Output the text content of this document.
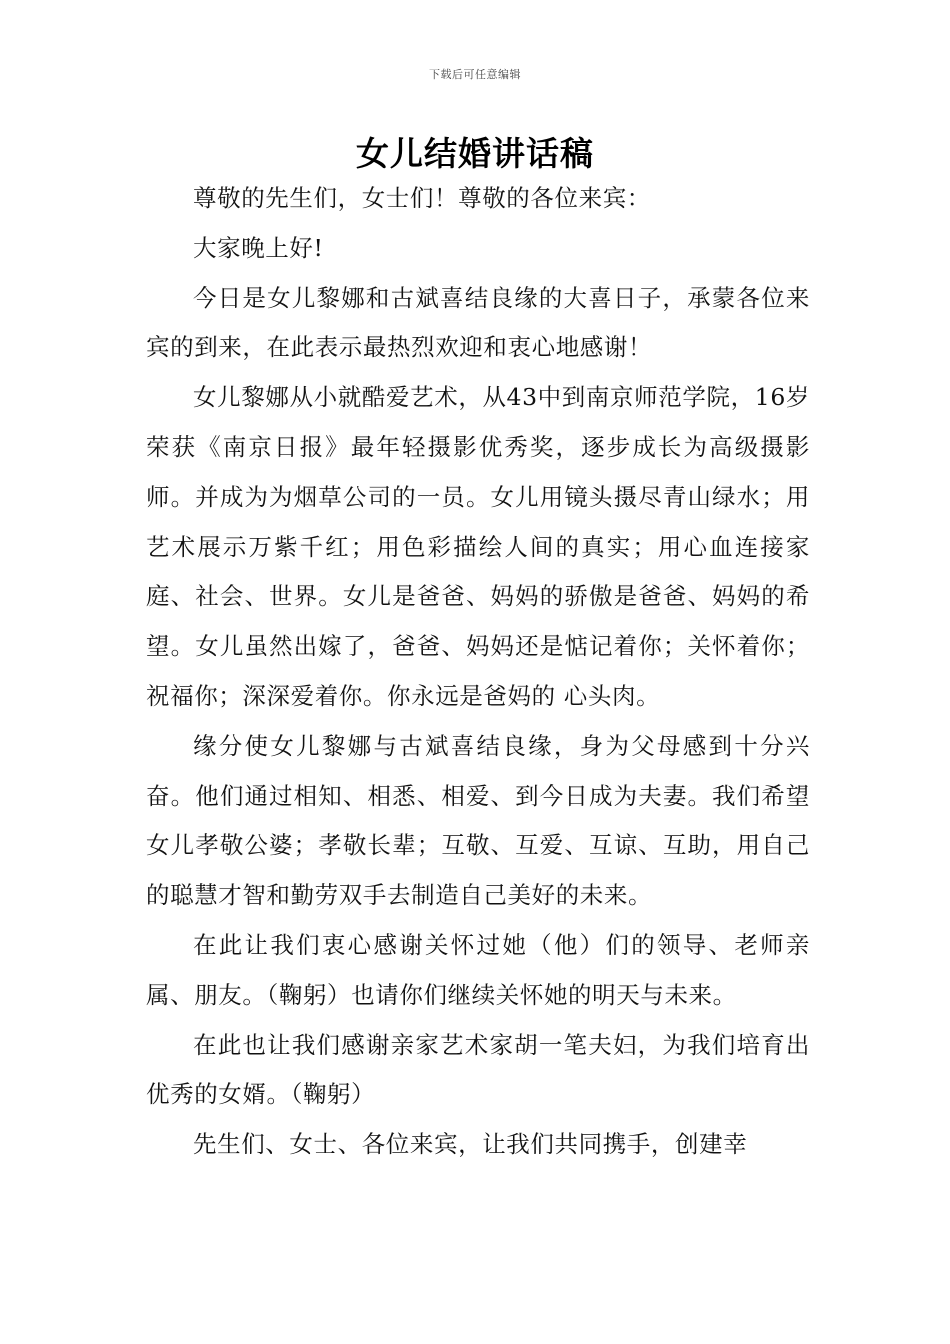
下载后可任意编辑
女儿结婚讲话稿

尊敬的先生们，女士们！尊敬的各位来宾：

大家晚上好!

今日是女儿黎娜和古斌喜结良缘的大喜日子，承蒙各位来宾的到来，在此表示最热烈欢迎和衷心地感谢！

女儿黎娜从小就酷爱艺术，从43中到南京师范学院，16岁荣获《南京日报》最年轻摄影优秀奖，逐步成长为高级摄影师。并成为为烟草公司的一员。女儿用镜头摄尽青山绿水；用艺术展示万紫千红；用色彩描绘人间的真实；用心血连接家庭、社会、世界。女儿是爸爸、妈妈的骄傲是爸爸、妈妈的希望。女儿虽然出嫁了，爸爸、妈妈还是惦记着你；关怀着你；祝福你；深深爱着你。你永远是爸妈的 心头肉。

缘分使女儿黎娜与古斌喜结良缘，身为父母感到十分兴奋。他们通过相知、相悉、相爱、到今日成为夫妻。我们希望女儿孝敬公婆；孝敬长辈；互敬、互爱、互谅、互助，用自己的聪慧才智和勤劳双手去制造自己美好的未来。

在此让我们衷心感谢关怀过她（他）们的领导、老师亲属、朋友。（鞠躬）也请你们继续关怀她的明天与未来。

在此也让我们感谢亲家艺术家胡一笔夫妇，为我们培育出优秀的女婿。（鞠躬）

先生们、女士、各位来宾，让我们共同携手，创建幸
